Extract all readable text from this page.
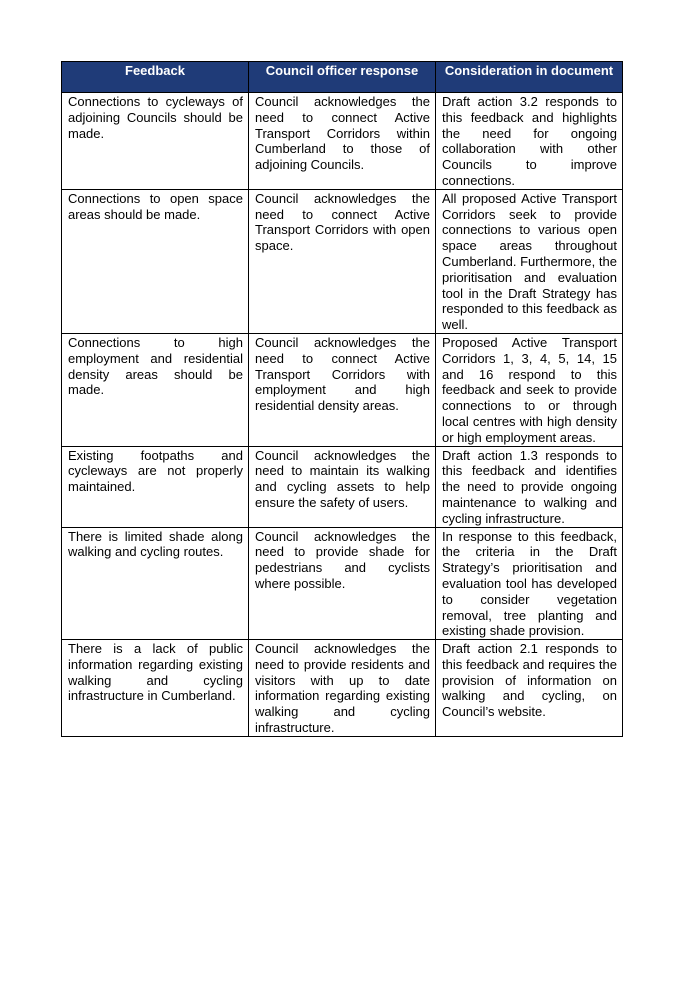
Feedback	Council officer response	Consideration in document
Connections to cycleways of adjoining Councils should be made.	Council acknowledges the need to connect Active Transport Corridors within Cumberland to those of adjoining Councils.	Draft action 3.2 responds to this feedback and highlights the need for ongoing collaboration with other Councils to improve connections.
Connections to open space areas should be made.	Council acknowledges the need to connect Active Transport Corridors with open space.	All proposed Active Transport Corridors seek to provide connections to various open space areas throughout Cumberland. Furthermore, the prioritisation and evaluation tool in the Draft Strategy has responded to this feedback as well.
Connections to high employment and residential density areas should be made.	Council acknowledges the need to connect Active Transport Corridors with employment and high residential density areas.	Proposed Active Transport Corridors 1, 3, 4, 5, 14, 15 and 16 respond to this feedback and seek to provide connections to or through local centres with high density or high employment areas.
Existing footpaths and cycleways are not properly maintained.	Council acknowledges the need to maintain its walking and cycling assets to help ensure the safety of users.	Draft action 1.3 responds to this feedback and identifies the need to provide ongoing maintenance to walking and cycling infrastructure.
There is limited shade along walking and cycling routes.	Council acknowledges the need to provide shade for pedestrians and cyclists where possible.	In response to this feedback, the criteria in the Draft Strategy’s prioritisation and evaluation tool has developed to consider vegetation removal, tree planting and existing shade provision.
There is a lack of public information regarding existing walking and cycling infrastructure in Cumberland.	Council acknowledges the need to provide residents and visitors with up to date information regarding existing walking and cycling infrastructure.	Draft action 2.1 responds to this feedback and requires the provision of information on walking and cycling, on Council’s website.
